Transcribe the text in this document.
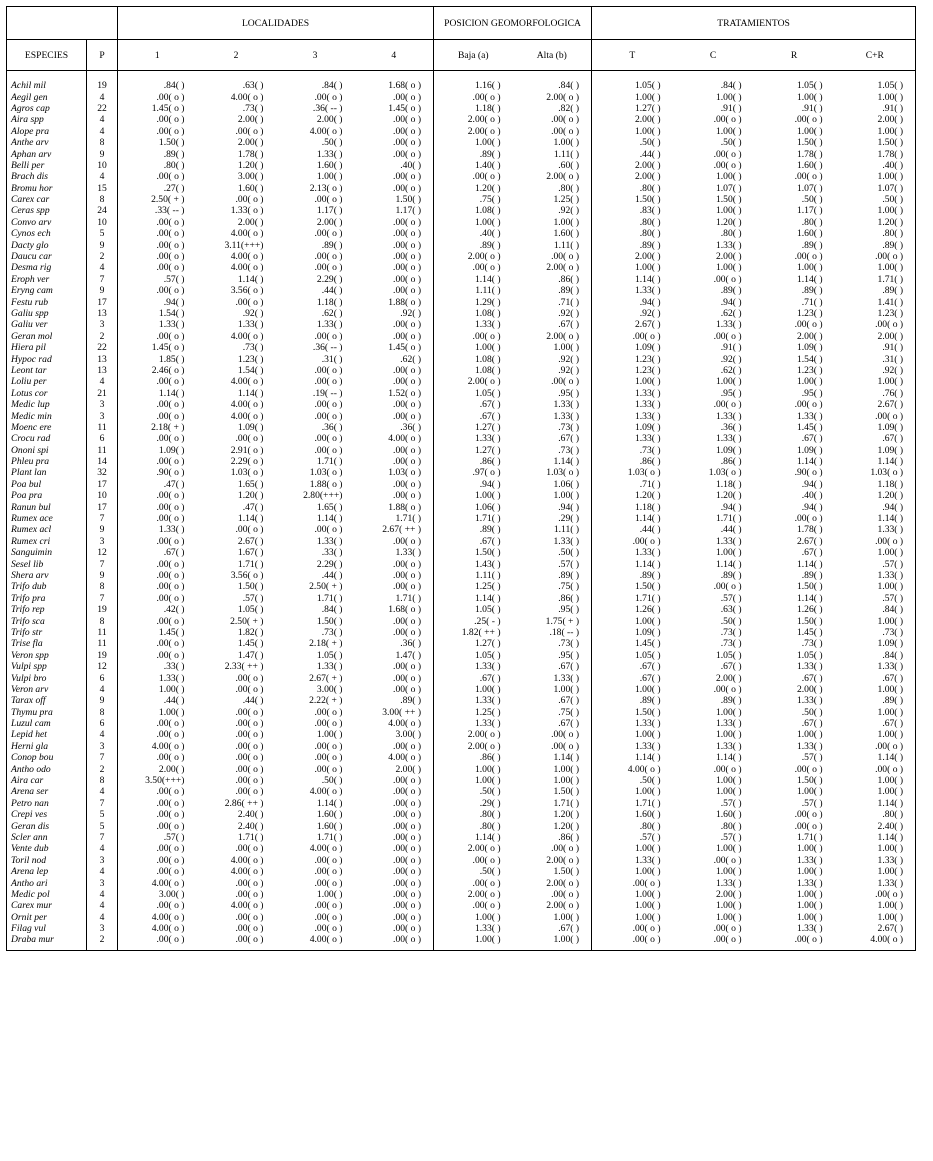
		LOCALIDADES				POSICION GEOMORFOLOGICA		TRATAMIENTOS			
ESPECIES	P	1	2	3	4	Baja (a)	Alta (b)	T	C	R	C+R

Achil mil	19	.84( )	.63( )	.84( )	1.68( o )	1.16( )	.84( )	1.05( )	.84( )	1.05( )	1.05( )
Aegil gen	4	.00( o )	4.00( o )	.00( o )	.00( o )	.00( o )	2.00( o )	1.00( )	1.00( )	1.00( )	1.00( )
Agros cap	22	1.45( o )	.73( )	.36( -- )	1.45( o )	1.18( )	.82( )	1.27( )	.91( )	.91( )	.91( )
Aira spp	4	.00( o )	2.00( )	2.00( )	.00( o )	2.00( o )	.00( o )	2.00( )	.00( o )	.00( o )	2.00( )
Alope pra	4	.00( o )	.00( o )	4.00( o )	.00( o )	2.00( o )	.00( o )	1.00( )	1.00( )	1.00( )	1.00( )
Anthe arv	8	1.50( )	2.00( )	.50( )	.00( o )	1.00( )	1.00( )	.50( )	.50( )	1.50( )	1.50( )
Aphan arv	9	.89( )	1.78( )	1.33( )	.00( o )	.89( )	1.11( )	.44( )	.00( o )	1.78( )	1.78( )
Belli per	10	.80( )	1.20( )	1.60( )	.40( )	1.40( )	.60( )	2.00( )	.00( o )	1.60( )	.40( )
Brach dis	4	.00( o )	3.00( )	1.00( )	.00( o )	.00( o )	2.00( o )	2.00( )	1.00( )	.00( o )	1.00( )
Bromu hor	15	.27( )	1.60( )	2.13( o )	.00( o )	1.20( )	.80( )	.80( )	1.07( )	1.07( )	1.07( )
Carex car	8	2.50( + )	.00( o )	.00( o )	1.50( )	.75( )	1.25( )	1.50( )	1.50( )	.50( )	.50( )
Ceras spp	24	.33( -- )	1.33( o )	1.17( )	1.17( )	1.08( )	.92( )	.83( )	1.00( )	1.17( )	1.00( )
Convo arv	10	.00( o )	2.00( )	2.00( )	.00( o )	1.00( )	1.00( )	.80( )	1.20( )	.80( )	1.20( )
Cynos ech	5	.00( o )	4.00( o )	.00( o )	.00( o )	.40( )	1.60( )	.80( )	.80( )	1.60( )	.80( )
Dacty glo	9	.00( o )	3.11(+++)	.89( )	.00( o )	.89( )	1.11( )	.89( )	1.33( )	.89( )	.89( )
Daucu car	2	.00( o )	4.00( o )	.00( o )	.00( o )	2.00( o )	.00( o )	2.00( )	2.00( )	.00( o )	.00( o )
Desma rig	4	.00( o )	4.00( o )	.00( o )	.00( o )	.00( o )	2.00( o )	1.00( )	1.00( )	1.00( )	1.00( )
Eroph ver	7	.57( )	1.14( )	2.29( )	.00( o )	1.14( )	.86( )	1.14( )	.00( o )	1.14( )	1.71( )
Eryng cam	9	.00( o )	3.56( o )	.44( )	.00( o )	1.11( )	.89( )	1.33( )	.89( )	.89( )	.89( )
Festu rub	17	.94( )	.00( o )	1.18( )	1.88( o )	1.29( )	.71( )	.94( )	.94( )	.71( )	1.41( )
Galiu spp	13	1.54( )	.92( )	.62( )	.92( )	1.08( )	.92( )	.92( )	.62( )	1.23( )	1.23( )
Galiu ver	3	1.33( )	1.33( )	1.33( )	.00( o )	1.33( )	.67( )	2.67( )	1.33( )	.00( o )	.00( o )
Geran mol	2	.00( o )	4.00( o )	.00( o )	.00( o )	.00( o )	2.00( o )	.00( o )	.00( o )	2.00( )	2.00( )
Hiera pil	22	1.45( o )	.73( )	.36( -- )	1.45( o )	1.00( )	1.00( )	1.09( )	.91( )	1.09( )	.91( )
Hypoc rad	13	1.85( )	1.23( )	.31( )	.62( )	1.08( )	.92( )	1.23( )	.92( )	1.54( )	.31( )
Leont tar	13	2.46( o )	1.54( )	.00( o )	.00( o )	1.08( )	.92( )	1.23( )	.62( )	1.23( )	.92( )
Loliu per	4	.00( o )	4.00( o )	.00( o )	.00( o )	2.00( o )	.00( o )	1.00( )	1.00( )	1.00( )	1.00( )
Lotus cor	21	1.14( )	1.14( )	.19( -- )	1.52( o )	1.05( )	.95( )	1.33( )	.95( )	.95( )	.76( )
Medic lup	3	.00( o )	4.00( o )	.00( o )	.00( o )	.67( )	1.33( )	1.33( )	.00( o )	.00( o )	2.67( )
Medic min	3	.00( o )	4.00( o )	.00( o )	.00( o )	.67( )	1.33( )	1.33( )	1.33( )	1.33( )	.00( o )
Moenc ere	11	2.18( + )	1.09( )	.36( )	.36( )	1.27( )	.73( )	1.09( )	.36( )	1.45( )	1.09( )
Crocu rad	6	.00( o )	.00( o )	.00( o )	4.00( o )	1.33( )	.67( )	1.33( )	1.33( )	.67( )	.67( )
Ononi spi	11	1.09( )	2.91( o )	.00( o )	.00( o )	1.27( )	.73( )	.73( )	1.09( )	1.09( )	1.09( )
Phleu pra	14	.00( o )	2.29( o )	1.71( )	.00( o )	.86( )	1.14( )	.86( )	.86( )	1.14( )	1.14( )
Plant lan	32	.90( o )	1.03( o )	1.03( o )	1.03( o )	.97( o )	1.03( o )	1.03( o )	1.03( o )	.90( o )	1.03( o )
Poa bul	17	.47( )	1.65( )	1.88( o )	.00( o )	.94( )	1.06( )	.71( )	1.18( )	.94( )	1.18( )
Poa pra	10	.00( o )	1.20( )	2.80(+++)	.00( o )	1.00( )	1.00( )	1.20( )	1.20( )	.40( )	1.20( )
Ranun bul	17	.00( o )	.47( )	1.65( )	1.88( o )	1.06( )	.94( )	1.18( )	.94( )	.94( )	.94( )
Rumex ace	7	.00( o )	1.14( )	1.14( )	1.71( )	1.71( )	.29( )	1.14( )	1.71( )	.00( o )	1.14( )
Rumex acl	9	1.33( )	.00( o )	.00( o )	2.67( ++ )	.89( )	1.11( )	.44( )	.44( )	1.78( )	1.33( )
Rumex cri	3	.00( o )	2.67( )	1.33( )	.00( o )	.67( )	1.33( )	.00( o )	1.33( )	2.67( )	.00( o )
Sanguimin	12	.67( )	1.67( )	.33( )	1.33( )	1.50( )	.50( )	1.33( )	1.00( )	.67( )	1.00( )
Sesel lib	7	.00( o )	1.71( )	2.29( )	.00( o )	1.43( )	.57( )	1.14( )	1.14( )	1.14( )	.57( )
Shera arv	9	.00( o )	3.56( o )	.44( )	.00( o )	1.11( )	.89( )	.89( )	.89( )	.89( )	1.33( )
Trifo dub	8	.00( o )	1.50( )	2.50( + )	.00( o )	1.25( )	.75( )	1.50( )	.00( o )	1.50( )	1.00( )
Trifo pra	7	.00( o )	.57( )	1.71( )	1.71( )	1.14( )	.86( )	1.71( )	.57( )	1.14( )	.57( )
Trifo rep	19	.42( )	1.05( )	.84( )	1.68( o )	1.05( )	.95( )	1.26( )	.63( )	1.26( )	.84( )
Trifo sca	8	.00( o )	2.50( + )	1.50( )	.00( o )	.25( - )	1.75( + )	1.00( )	.50( )	1.50( )	1.00( )
Trifo str	11	1.45( )	1.82( )	.73( )	.00( o )	1.82( ++ )	.18( -- )	1.09( )	.73( )	1.45( )	.73( )
Trise fla	11	.00( o )	1.45( )	2.18( + )	.36( )	1.27( )	.73( )	1.45( )	.73( )	.73( )	1.09( )
Veron spp	19	.00( o )	1.47( )	1.05( )	1.47( )	1.05( )	.95( )	1.05( )	1.05( )	1.05( )	.84( )
Vulpi spp	12	.33( )	2.33( ++ )	1.33( )	.00( o )	1.33( )	.67( )	.67( )	.67( )	1.33( )	1.33( )
Vulpi bro	6	1.33( )	.00( o )	2.67( + )	.00( o )	.67( )	1.33( )	.67( )	2.00( )	.67( )	.67( )
Veron arv	4	1.00( )	.00( o )	3.00( )	.00( o )	1.00( )	1.00( )	1.00( )	.00( o )	2.00( )	1.00( )
Tarax off	9	.44( )	.44( )	2.22( + )	.89( )	1.33( )	.67( )	.89( )	.89( )	1.33( )	.89( )
Thymu pra	8	1.00( )	.00( o )	.00( o )	3.00( ++ )	1.25( )	.75( )	1.50( )	1.00( )	.50( )	1.00( )
Luzul cam	6	.00( o )	.00( o )	.00( o )	4.00( o )	1.33( )	.67( )	1.33( )	1.33( )	.67( )	.67( )
Lepid het	4	.00( o )	.00( o )	1.00( )	3.00( )	2.00( o )	.00( o )	1.00( )	1.00( )	1.00( )	1.00( )
Herni gla	3	4.00( o )	.00( o )	.00( o )	.00( o )	2.00( o )	.00( o )	1.33( )	1.33( )	1.33( )	.00( o )
Conop bou	7	.00( o )	.00( o )	.00( o )	4.00( o )	.86( )	1.14( )	1.14( )	1.14( )	.57( )	1.14( )
Antho odo	2	2.00( )	.00( o )	.00( o )	2.00( )	1.00( )	1.00( )	4.00( o )	.00( o )	.00( o )	.00( o )
Aira car	8	3.50(+++)	.00( o )	.50( )	.00( o )	1.00( )	1.00( )	.50( )	1.00( )	1.50( )	1.00( )
Arena ser	4	.00( o )	.00( o )	4.00( o )	.00( o )	.50( )	1.50( )	1.00( )	1.00( )	1.00( )	1.00( )
Petro nan	7	.00( o )	2.86( ++ )	1.14( )	.00( o )	.29( )	1.71( )	1.71( )	.57( )	.57( )	1.14( )
Crepi ves	5	.00( o )	2.40( )	1.60( )	.00( o )	.80( )	1.20( )	1.60( )	1.60( )	.00( o )	.80( )
Geran dis	5	.00( o )	2.40( )	1.60( )	.00( o )	.80( )	1.20( )	.80( )	.80( )	.00( o )	2.40( )
Scler ann	7	.57( )	1.71( )	1.71( )	.00( o )	1.14( )	.86( )	.57( )	.57( )	1.71( )	1.14( )
Vente dub	4	.00( o )	.00( o )	4.00( o )	.00( o )	2.00( o )	.00( o )	1.00( )	1.00( )	1.00( )	1.00( )
Toril nod	3	.00( o )	4.00( o )	.00( o )	.00( o )	.00( o )	2.00( o )	1.33( )	.00( o )	1.33( )	1.33( )
Arena lep	4	.00( o )	4.00( o )	.00( o )	.00( o )	.50( )	1.50( )	1.00( )	1.00( )	1.00( )	1.00( )
Antho ari	3	4.00( o )	.00( o )	.00( o )	.00( o )	.00( o )	2.00( o )	.00( o )	1.33( )	1.33( )	1.33( )
Medic pol	4	3.00( )	.00( o )	1.00( )	.00( o )	2.00( o )	.00( o )	1.00( )	2.00( )	1.00( )	.00( o )
Carex mur	4	.00( o )	4.00( o )	.00( o )	.00( o )	.00( o )	2.00( o )	1.00( )	1.00( )	1.00( )	1.00( )
Ornit per	4	4.00( o )	.00( o )	.00( o )	.00( o )	1.00( )	1.00( )	1.00( )	1.00( )	1.00( )	1.00( )
Filag vul	3	4.00( o )	.00( o )	.00( o )	.00( o )	1.33( )	.67( )	.00( o )	.00( o )	1.33( )	2.67( )
Draba mur	2	.00( o )	.00( o )	4.00( o )	.00( o )	1.00( )	1.00( )	.00( o )	.00( o )	.00( o )	4.00( o )
